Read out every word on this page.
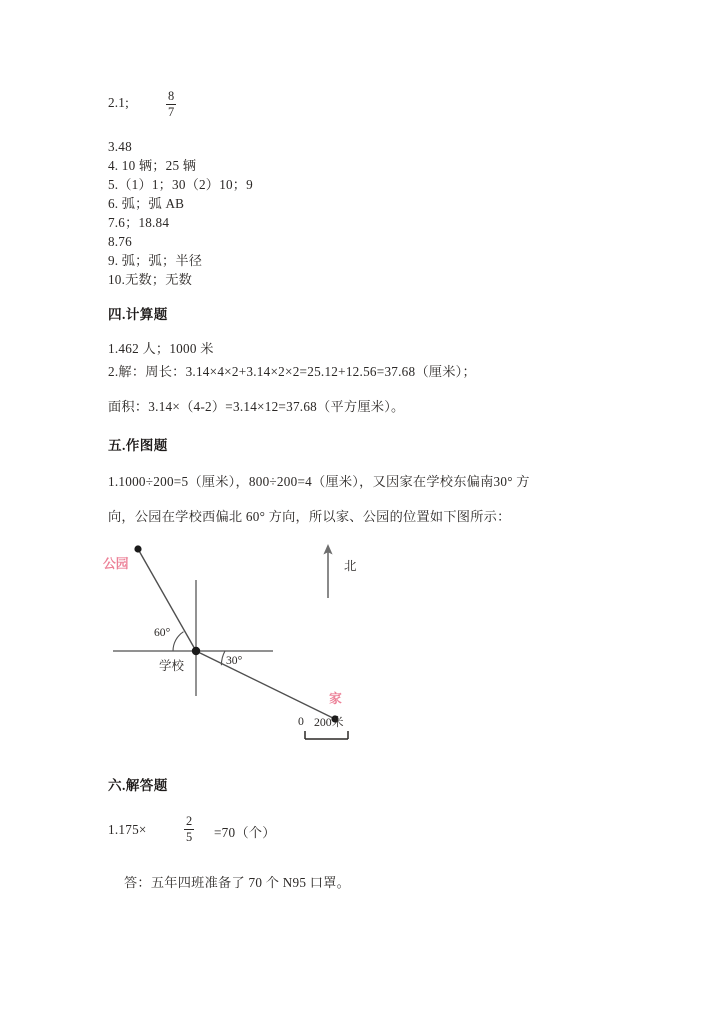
2.1;	8
7
3.48
4. 10 辆；25 辆
5.（1）1；30（2）10；9
6. 弧；弧 AB
7.6；18.84
8.76
9. 弧；弧；半径
10.无数；无数
四.计算题
1.462 人；1000 米
2.解：周长：3.14×4×2+3.14×2×2=25.12+12.56=37.68（厘米）；
面积：3.14×（4-2）=3.14×12=37.68（平方厘米）。
五.作图题
1.1000÷200=5（厘米），800÷200=4（厘米），又因家在学校东偏南30° 方
向，公园在学校西偏北 60° 方向，所以家、公园的位置如下图所示：
公园
家
学校
60°
30°
北
0 200米
六.解答题
1.175×
2
5 =70（个）
答：五年四班准备了 70 个 N95 口罩。
